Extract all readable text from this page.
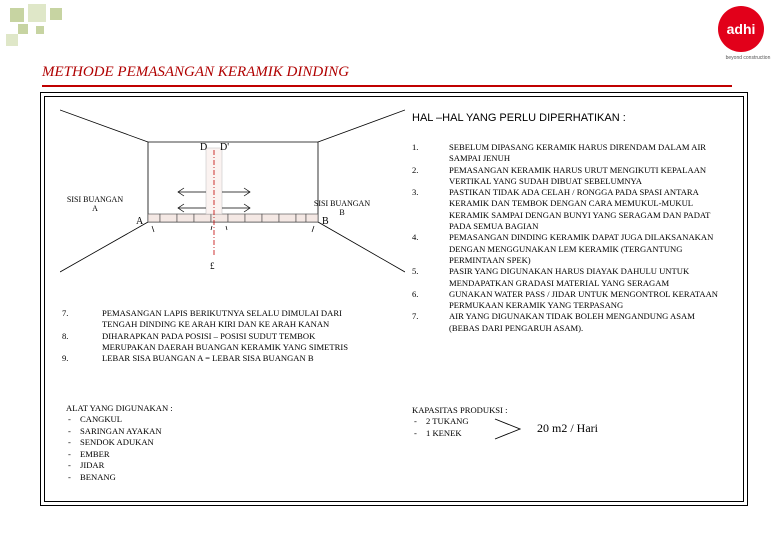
adhi
beyond construction
METHODE PEMASANGAN KERAMIK DINDING
D D'
A	B
£
SISI BUANGAN
A
SISI BUANGAN
B
HAL –HAL YANG PERLU DIPERHATIKAN :
1.	SEBELUM DIPASANG KERAMIK HARUS DIRENDAM DALAM AIR SAMPAI JENUH
2.	PEMASANGAN KERAMIK HARUS URUT MENGIKUTI KEPALAAN VERTIKAL YANG SUDAH DIBUAT SEBELUMNYA
3.	PASTIKAN TIDAK ADA CELAH / RONGGA PADA SPASI ANTARA KERAMIK DAN TEMBOK DENGAN CARA MEMUKUL-MUKUL KERAMIK SAMPAI DENGAN BUNYI YANG SERAGAM DAN PADAT PADA SEMUA BAGIAN
4.	PEMASANGAN DINDING KERAMIK DAPAT JUGA DILAKSANAKAN DENGAN MENGGUNAKAN LEM KERAMIK (TERGANTUNG PERMINTAAN SPEK)
5.	PASIR YANG DIGUNAKAN HARUS DIAYAK DAHULU UNTUK MENDAPATKAN GRADASI MATERIAL YANG SERAGAM
6.	GUNAKAN WATER PASS / JIDAR UNTUK MENGONTROL KERATAAN PERMUKAAN KERAMIK YANG TERPASANG
7.	AIR YANG DIGUNAKAN TIDAK BOLEH MENGANDUNG ASAM (BEBAS DARI PENGARUH ASAM).
7.	PEMASANGAN LAPIS BERIKUTNYA SELALU DIMULAI DARI TENGAH DINDING KE ARAH KIRI DAN KE ARAH KANAN
8.	DIHARAPKAN PADA POSISI – POSISI SUDUT TEMBOK MERUPAKAN DAERAH BUANGAN KERAMIK YANG SIMETRIS
9.	LEBAR SISA BUANGAN A = LEBAR SISA BUANGAN B
ALAT YANG DIGUNAKAN :
- CANGKUL
- SARINGAN AYAKAN
- SENDOK ADUKAN
- EMBER
- JIDAR
- BENANG
KAPASITAS PRODUKSI :
- 2 TUKANG
- 1 KENEK	20 m2 / Hari
